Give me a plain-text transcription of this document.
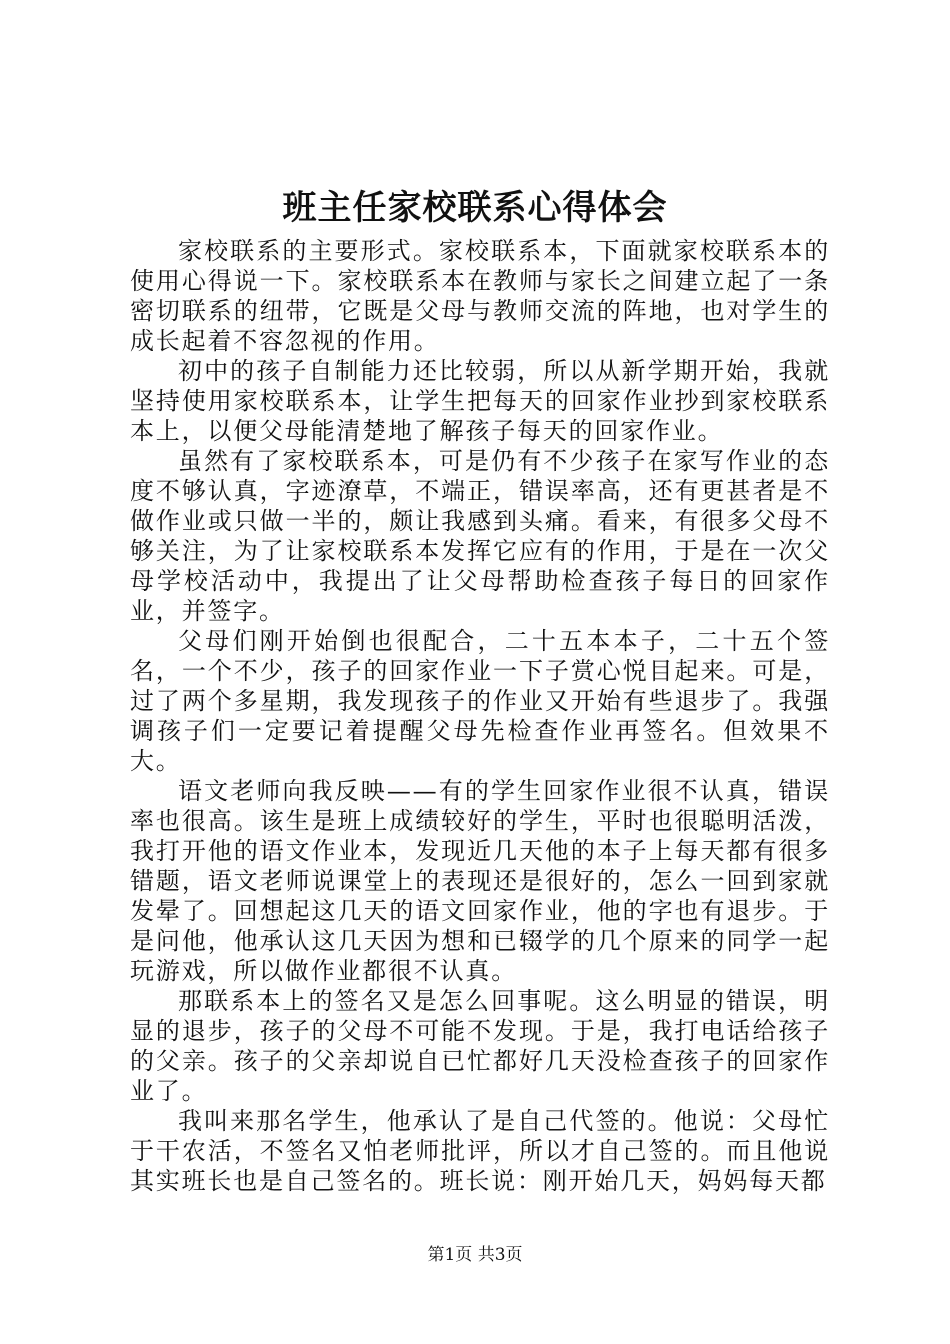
班主任家校联系心得体会

家校联系的主要形式。家校联系本，下面就家校联系本的使用心得说一下。家校联系本在教师与家长之间建立起了一条密切联系的纽带，它既是父母与教师交流的阵地，也对学生的成长起着不容忽视的作用。

初中的孩子自制能力还比较弱，所以从新学期开始，我就坚持使用家校联系本，让学生把每天的回家作业抄到家校联系本上，以便父母能清楚地了解孩子每天的回家作业。

虽然有了家校联系本，可是仍有不少孩子在家写作业的态度不够认真，字迹潦草，不端正，错误率高，还有更甚者是不做作业或只做一半的，颇让我感到头痛。看来，有很多父母不够关注，为了让家校联系本发挥它应有的作用，于是在一次父母学校活动中，我提出了让父母帮助检查孩子每日的回家作业，并签字。

父母们刚开始倒也很配合，二十五本本子，二十五个签名，一个不少，孩子的回家作业一下子赏心悦目起来。可是，过了两个多星期，我发现孩子的作业又开始有些退步了。我强调孩子们一定要记着提醒父母先检查作业再签名。但效果不大。

语文老师向我反映——有的学生回家作业很不认真，错误率也很高。该生是班上成绩较好的学生，平时也很聪明活泼，我打开他的语文作业本，发现近几天他的本子上每天都有很多错题，语文老师说课堂上的表现还是很好的，怎么一回到家就发晕了。回想起这几天的语文回家作业，他的字也有退步。于是问他，他承认这几天因为想和已辍学的几个原来的同学一起玩游戏，所以做作业都很不认真。

那联系本上的签名又是怎么回事呢。这么明显的错误，明显的退步，孩子的父母不可能不发现。于是，我打电话给孩子的父亲。孩子的父亲却说自已忙都好几天没检查孩子的回家作业了。

我叫来那名学生，他承认了是自己代签的。他说：父母忙于干农活，不签名又怕老师批评，所以才自己签的。而且他说其实班长也是自己签名的。班长说：刚开始几天，妈妈每天都

第1页 共3页
